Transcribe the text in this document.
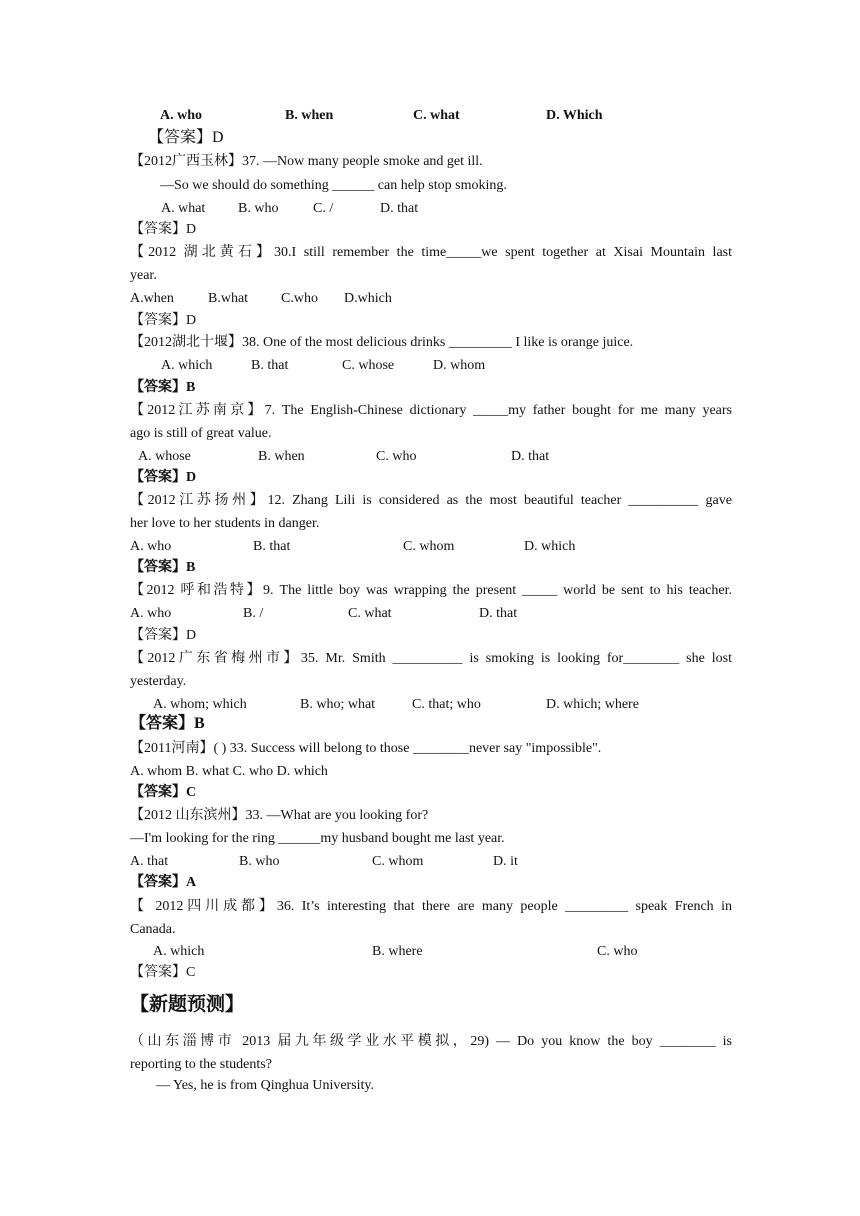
A. who	B. when	C. what	D. Which
【答案】D
【2012广西玉林】37. —Now many people smoke and get ill.
—So we should do something ______ can help stop smoking.
A. what B. who C. /	D. that
【答案】D
【2012 湖北黄石】30.I still remember the time_____we spent together at Xisai Mountain last
year.
A.when B.what C.who D.which
【答案】D
【2012湖北十堰】38. One of the most delicious drinks _________ I like is orange juice.
A. which	B. that	C. whose	D. whom
【答案】B
【2012江苏南京】7. The English-Chinese dictionary _____my father bought for me many years
ago is still of great value.
A. whose	B. when	C. who	D. that
【答案】D
【2012江苏扬州】12. Zhang Lili is considered as the most beautiful teacher __________ gave
her love to her students in danger.
A. who	B. that	C. whom	D. which
【答案】B
【2012 呼和浩特】9. The little boy was wrapping the present _____ world be sent to his teacher.
A. who	B. /	C. what	D. that
【答案】D
【2012广东省梅州市】35. Mr. Smith __________ is smoking is looking for________ she lost
yesterday.
A. whom; which	B. who; what	C. that; who	D. which; where
【答案】B
【2011河南】( ) 33. Success will belong to those ________never say "impossible".
A. whom B. what C. who D. which
【答案】C
【2012 山东滨州】33. —What are you looking for?
—I'm looking for the ring ______my husband bought me last year.
A. that	B. who	C. whom	D. it
【答案】A
【 2012四川成都】36. It’s interesting that there are many people _________ speak French in
Canada.
A. which	B. where	C. who
【答案】C
【新题预测】
（山东淄博市 2013 届九年级学业水平模拟，29) — Do you know the boy ________ is
reporting to the students?
— Yes, he is from Qinghua University.
